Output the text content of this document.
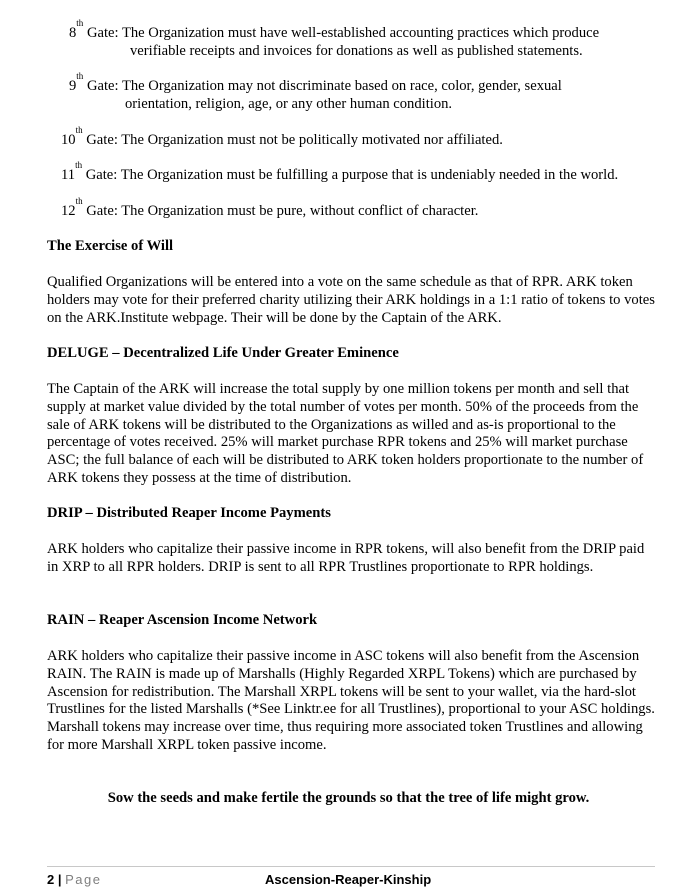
8th Gate: The Organization must have well-established accounting practices which produce
verifiable receipts and invoices for donations as well as published statements.
9th Gate: The Organization may not discriminate based on race, color, gender, sexual
orientation, religion, age, or any other human condition.
10th Gate: The Organization must not be politically motivated nor affiliated.
11th Gate: The Organization must be fulfilling a purpose that is undeniably needed in the world.
12th Gate: The Organization must be pure, without conflict of character.
The Exercise of Will

Qualified Organizations will be entered into a vote on the same schedule as that of RPR. ARK token holders may vote for their preferred charity utilizing their ARK holdings in a 1:1 ratio of tokens to votes on the ARK.Institute webpage. Their will be done by the Captain of the ARK.

DELUGE – Decentralized Life Under Greater Eminence

The Captain of the ARK will increase the total supply by one million tokens per month and sell that supply at market value divided by the total number of votes per month. 50% of the proceeds from the sale of ARK tokens will be distributed to the Organizations as willed and as-is proportional to the percentage of votes received. 25% will market purchase RPR tokens and 25% will market purchase ASC; the full balance of each will be distributed to ARK token holders proportionate to the number of ARK tokens they possess at the time of distribution.

DRIP – Distributed Reaper Income Payments

ARK holders who capitalize their passive income in RPR tokens, will also benefit from the DRIP paid in XRP to all RPR holders. DRIP is sent to all RPR Trustlines proportionate to RPR holdings.

RAIN – Reaper Ascension Income Network

ARK holders who capitalize their passive income in ASC tokens will also benefit from the Ascension RAIN. The RAIN is made up of Marshalls (Highly Regarded XRPL Tokens) which are purchased by Ascension for redistribution. The Marshall XRPL tokens will be sent to your wallet, via the hard-slot Trustlines for the listed Marshalls (*See Linktr.ee for all Trustlines), proportional to your ASC holdings. Marshall tokens may increase over time, thus requiring more associated token Trustlines and allowing for more Marshall XRPL token passive income.

Sow the seeds and make fertile the grounds so that the tree of life might grow.
2 | Page	Ascension-Reaper-Kinship
